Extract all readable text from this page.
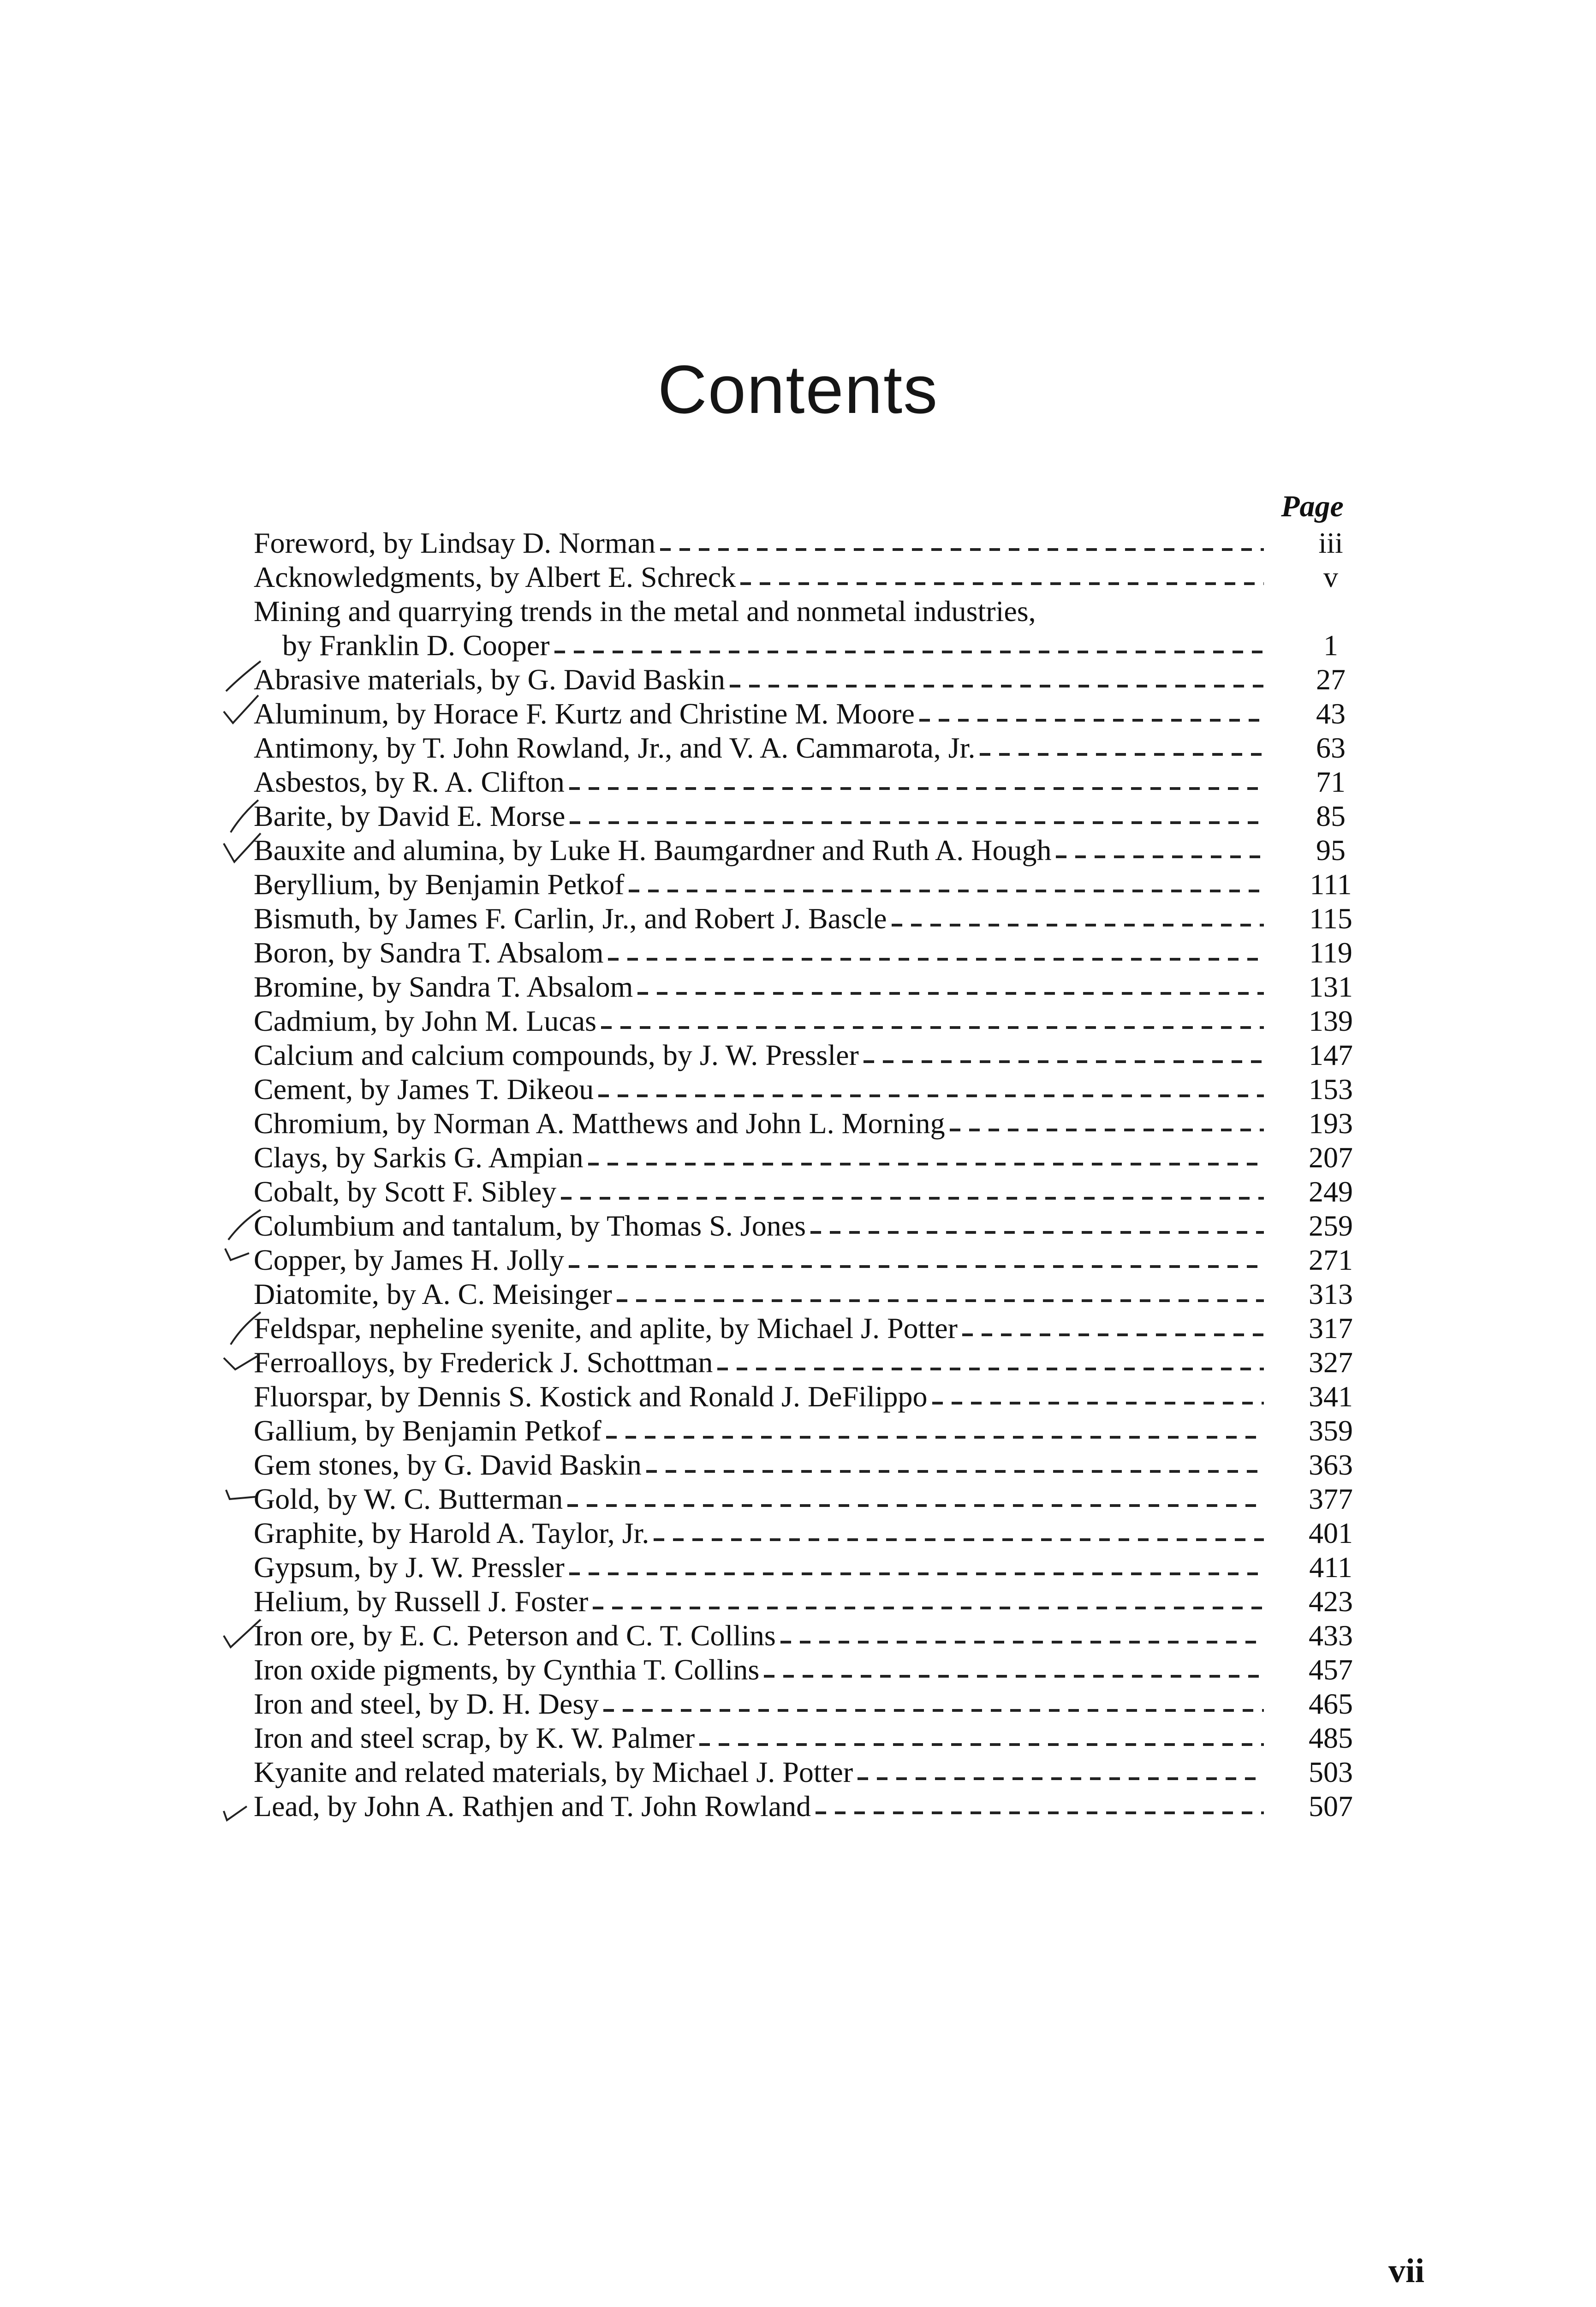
Contents
Page
Foreword, by Lindsay D. Norman	iii
Acknowledgments, by Albert E. Schreck	v
Mining and quarrying trends in the metal and nonmetal industries,
by Franklin D. Cooper	1
Abrasive materials, by G. David Baskin	27
Aluminum, by Horace F. Kurtz and Christine M. Moore	43
Antimony, by T. John Rowland, Jr., and V. A. Cammarota, Jr.	63
Asbestos, by R. A. Clifton	71
Barite, by David E. Morse	85
Bauxite and alumina, by Luke H. Baumgardner and Ruth A. Hough	95
Beryllium, by Benjamin Petkof	111
Bismuth, by James F. Carlin, Jr., and Robert J. Bascle	115
Boron, by Sandra T. Absalom	119
Bromine, by Sandra T. Absalom	131
Cadmium, by John M. Lucas	139
Calcium and calcium compounds, by J. W. Pressler	147
Cement, by James T. Dikeou	153
Chromium, by Norman A. Matthews and John L. Morning	193
Clays, by Sarkis G. Ampian	207
Cobalt, by Scott F. Sibley	249
Columbium and tantalum, by Thomas S. Jones	259
Copper, by James H. Jolly	271
Diatomite, by A. C. Meisinger	313
Feldspar, nepheline syenite, and aplite, by Michael J. Potter	317
Ferroalloys, by Frederick J. Schottman	327
Fluorspar, by Dennis S. Kostick and Ronald J. DeFilippo	341
Gallium, by Benjamin Petkof	359
Gem stones, by G. David Baskin	363
Gold, by W. C. Butterman	377
Graphite, by Harold A. Taylor, Jr.	401
Gypsum, by J. W. Pressler	411
Helium, by Russell J. Foster	423
Iron ore, by E. C. Peterson and C. T. Collins	433
Iron oxide pigments, by Cynthia T. Collins	457
Iron and steel, by D. H. Desy	465
Iron and steel scrap, by K. W. Palmer	485
Kyanite and related materials, by Michael J. Potter	503
Lead, by John A. Rathjen and T. John Rowland	507
vii
